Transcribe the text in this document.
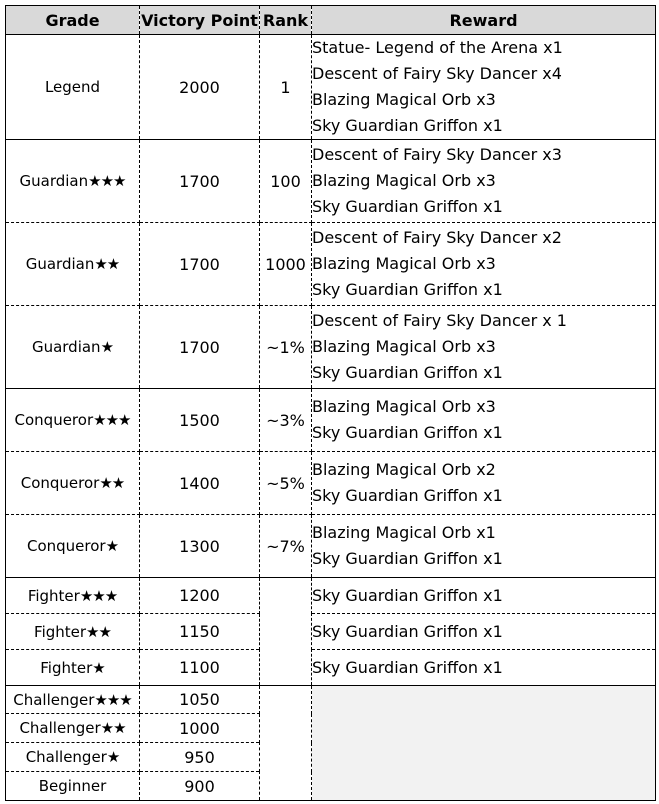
Grade	Victory Point	Rank	Reward
Legend	2000	1	Statue- Legend of the Arena x1
Descent of Fairy Sky Dancer x4
Blazing Magical Orb x3
Sky Guardian Griffon x1

Guardian★★★	1700	100	Descent of Fairy Sky Dancer x3
Blazing Magical Orb x3
Sky Guardian Griffon x1

Guardian★★	1700	1000	Descent of Fairy Sky Dancer x2
Blazing Magical Orb x3
Sky Guardian Griffon x1

Guardian★	1700	~1%	Descent of Fairy Sky Dancer x 1
Blazing Magical Orb x3
Sky Guardian Griffon x1

Conqueror★★★	1500	~3%	Blazing Magical Orb x3
Sky Guardian Griffon x1

Conqueror★★	1400	~5%	Blazing Magical Orb x2
Sky Guardian Griffon x1

Conqueror★	1300	~7%	Blazing Magical Orb x1
Sky Guardian Griffon x1

Fighter★★★	1200		Sky Guardian Griffon x1

Fighter★★	1150		Sky Guardian Griffon x1

Fighter★	1100		Sky Guardian Griffon x1

Challenger★★★	1050		
Challenger★★	1000		
Challenger★	950		
Beginner	900		
